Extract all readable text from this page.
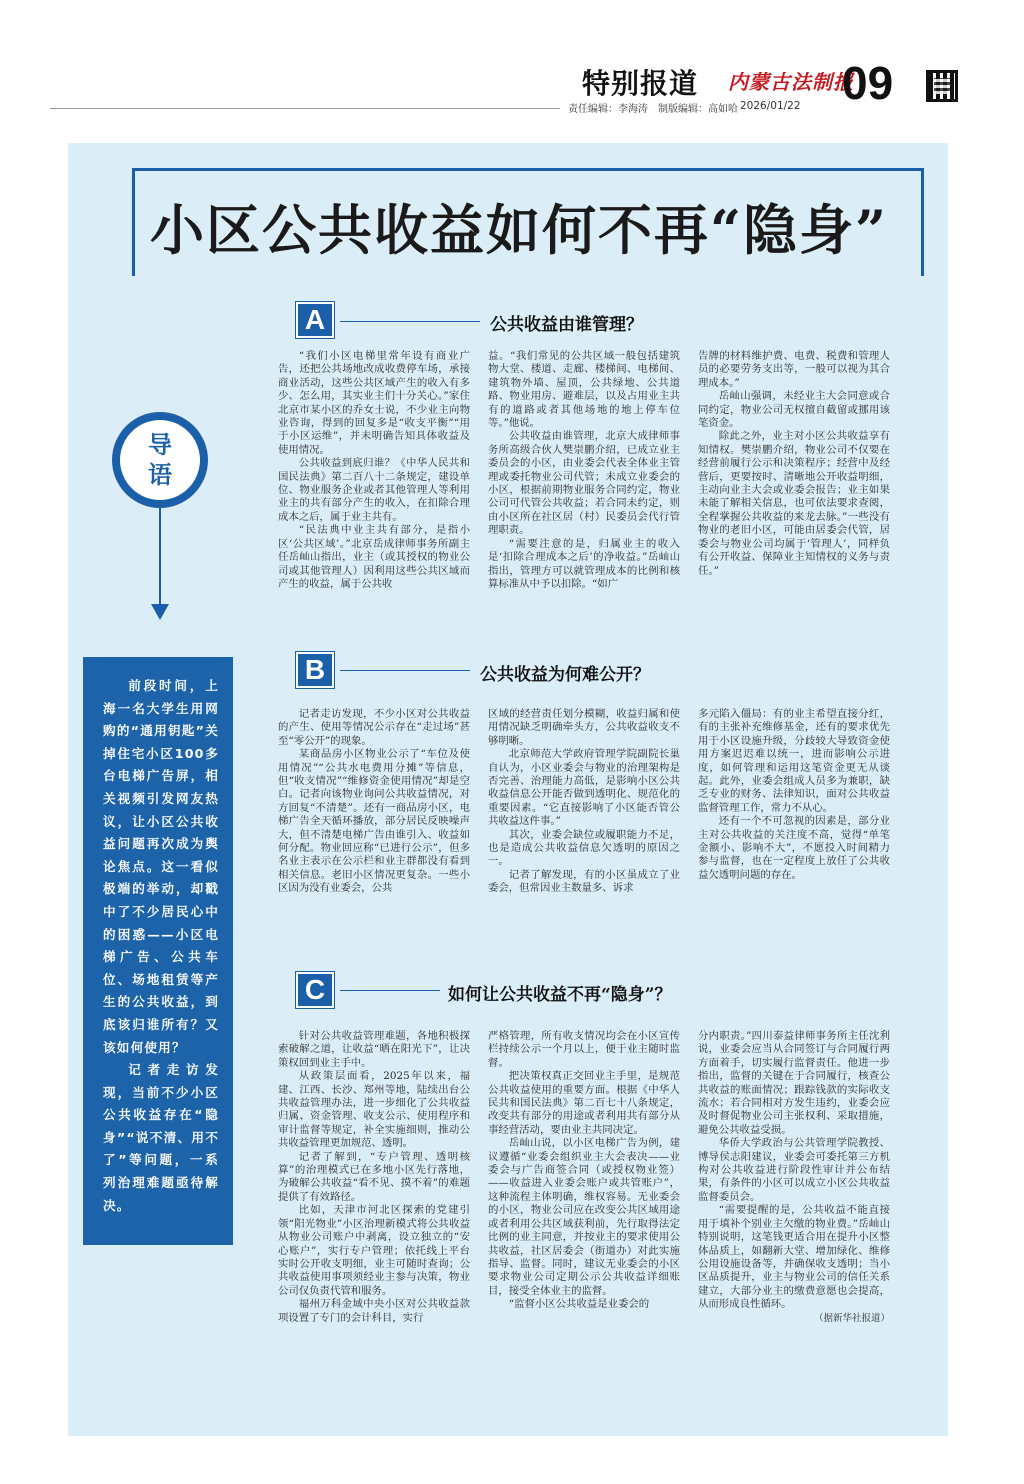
特别报道 内蒙古法制报
09
责任编辑：李海涛　制版编辑：高如哈 2026/01/22
小区公共收益如何不再“隐身”
导
语

前段时间，上海一名大学生用网购的“通用钥匙”关掉住宅小区100多台电梯广告屏，相关视频引发网友热议，让小区公共收益问题再次成为舆论焦点。这一看似极端的举动，却戳中了不少居民心中的困惑——小区电梯广告、公共车位、场地租赁等产生的公共收益，到底该归谁所有？又该如何使用？

记者走访发现，当前不少小区公共收益存在“隐身”“说不清、用不了”等问题，一系列治理难题亟待解决。

A	公共收益由谁管理？

“我们小区电梯里常年设有商业广告，还把公共场地改成收费停车场，承接商业活动，这些公共区域产生的收入有多少、怎么用，其实业主们十分关心。”家住北京市某小区的乔女士说，不少业主向物业咨询，得到的回复多是“收支平衡”“用于小区运维”，并未明确告知具体收益及使用情况。

公共收益到底归谁？《中华人民共和国民法典》第二百八十二条规定，建设单位、物业服务企业或者其他管理人等利用业主的共有部分产生的收入，在扣除合理成本之后，属于业主共有。

“民法典中业主共有部分，是指小区‘公共区域’。”北京岳成律师事务所副主任岳屾山指出，业主（或其授权的物业公司或其他管理人）因利用这些公共区域而产生的收益，属于公共收

益。“我们常见的公共区域一般包括建筑物大堂、楼道、走廊、楼梯间、电梯间、建筑物外墙、屋顶，公共绿地、公共道路、物业用房、避难层，以及占用业主共有的道路或者其他场地的地上停车位等。”他说。

公共收益由谁管理，北京大成律师事务所高级合伙人樊崇鹏介绍，已成立业主委员会的小区，由业委会代表全体业主管理或委托物业公司代管；未成立业委会的小区，根据前期物业服务合同约定，物业公司可代管公共收益；若合同未约定，则由小区所在社区居（村）民委员会代行管理职责。

“需要注意的是，归属业主的收入是‘扣除合理成本之后’的净收益。”岳屾山指出，管理方可以就管理成本的比例和核算标准从中予以扣除。“如广

告牌的材料维护费、电费、税费和管理人员的必要劳务支出等，一般可以视为其合理成本。”

岳屾山强调，未经业主大会同意或合同约定，物业公司无权擅自截留或挪用该笔资金。

除此之外，业主对小区公共收益享有知情权。樊崇鹏介绍，物业公司不仅要在经营前履行公示和决策程序；经营中及经营后，更要按时、清晰地公开收益明细，主动向业主大会或业委会报告；业主如果未能了解相关信息，也可依法要求查阅，全程掌握公共收益的来龙去脉。”一些没有物业的老旧小区，可能由居委会代管，居委会与物业公司均属于‘管理人’，同样负有公开收益、保障业主知情权的义务与责任。”

B	公共收益为何难公开？

记者走访发现，不少小区对公共收益的产生、使用等情况公示存在“走过场”甚至“零公开”的现象。

某商品房小区物业公示了“车位及使用情况”“公共水电费用分摊”等信息，但“收支情况”“维修资金使用情况”却是空白。记者向该物业询问公共收益情况，对方回复“不清楚”。还有一商品房小区，电梯广告全天循环播放，部分居民反映噪声大，但不清楚电梯广告由谁引入、收益如何分配。物业回应称“已进行公示”，但多名业主表示在公示栏和业主群都没有看到相关信息。老旧小区情况更复杂。一些小区因为没有业委会，公共

区域的经营责任划分模糊，收益归属和使用情况缺乏明确牵头方，公共收益收支不够明晰。

北京师范大学政府管理学院副院长巢自认为，小区业委会与物业的治理架构是否完善、治理能力高低，是影响小区公共收益信息公开能否做到透明化、规范化的重要因素。“它直接影响了小区能否管公共收益这件事。”

其次，业委会缺位或履职能力不足，也是造成公共收益信息欠透明的原因之一。

记者了解发现，有的小区虽成立了业委会，但常因业主数量多、诉求

多元陷入僵局：有的业主希望直接分红，有的主张补充维修基金，还有的要求优先用于小区设施升级，分歧较大导致资金使用方案迟迟难以统一，进而影响公示进度，如何管理和运用这笔资金更无从谈起。此外，业委会组成人员多为兼职，缺乏专业的财务、法律知识，面对公共收益监督管理工作，常力不从心。

还有一个不可忽视的因素是，部分业主对公共收益的关注度不高，觉得“单笔金额小、影响不大”，不愿投入时间精力参与监督，也在一定程度上放任了公共收益欠透明问题的存在。

C	如何让公共收益不再“隐身”？

针对公共收益管理难题，各地积极探索破解之道，让收益“晒在阳光下”，让决策权回到业主手中。

从政策层面看，2025年以来，福建、江西、长沙、郑州等地，陆续出台公共收益管理办法，进一步细化了公共收益归属、资金管理、收支公示、使用程序和审计监督等规定，补全实施细则，推动公共收益管理更加规范、透明。

记者了解到，“专户管理、透明核算”的治理模式已在多地小区先行落地，为破解公共收益“看不见、摸不着”的难题提供了有效路径。

比如，天津市河北区探索的党建引领“阳光物业”小区治理新模式将公共收益从物业公司账户中剥离，设立独立的“安心账户”，实行专户管理；依托线上平台实时公开收支明细，业主可随时查询；公共收益使用事项须经业主参与决策，物业公司仅负责代管和服务。

福州万科金域中央小区对公共收益款项设置了专门的会计科目，实行

严格管理，所有收支情况均会在小区宣传栏持续公示一个月以上，便于业主随时监督。

把决策权真正交回业主手里，是规范公共收益使用的重要方面。根据《中华人民共和国民法典》第二百七十八条规定，改变共有部分的用途或者利用共有部分从事经营活动，要由业主共同决定。

岳屾山说，以小区电梯广告为例，建议遵循“业委会组织业主大会表决——业委会与广告商签合同（或授权物业签）——收益进入业委会账户或共管账户”，这种流程主体明确，维权容易。无业委会的小区，物业公司应在改变公共区域用途或者利用公共区域获利前，先行取得法定比例的业主同意，并按业主的要求使用公共收益，社区居委会（街道办）对此实施指导、监督。同时，建议无业委会的小区要求物业公司定期公示公共收益详细账目，接受全体业主的监督。

“监督小区公共收益是业委会的

分内职责。”四川泰益律师事务所主任沈利说，业委会应当从合同签订与合同履行两方面着手，切实履行监督责任。他进一步指出，监督的关键在于合同履行，核查公共收益的账面情况；跟踪钱款的实际收支流水；若合同相对方发生违约，业委会应及时督促物业公司主张权利、采取措施，避免公共收益受损。

华侨大学政治与公共管理学院教授、博导侯志阳建议，业委会可委托第三方机构对公共收益进行阶段性审计并公布结果，有条件的小区可以成立小区公共收益监督委员会。

“需要提醒的是，公共收益不能直接用于填补个别业主欠缴的物业费。”岳屾山特别说明，这笔钱更适合用在提升小区整体品质上，如翻新大堂、增加绿化、维修公用设施设备等，并确保收支透明；当小区品质提升，业主与物业公司的信任关系建立，大部分业主的缴费意愿也会提高，从而形成良性循环。

（据新华社报道）
